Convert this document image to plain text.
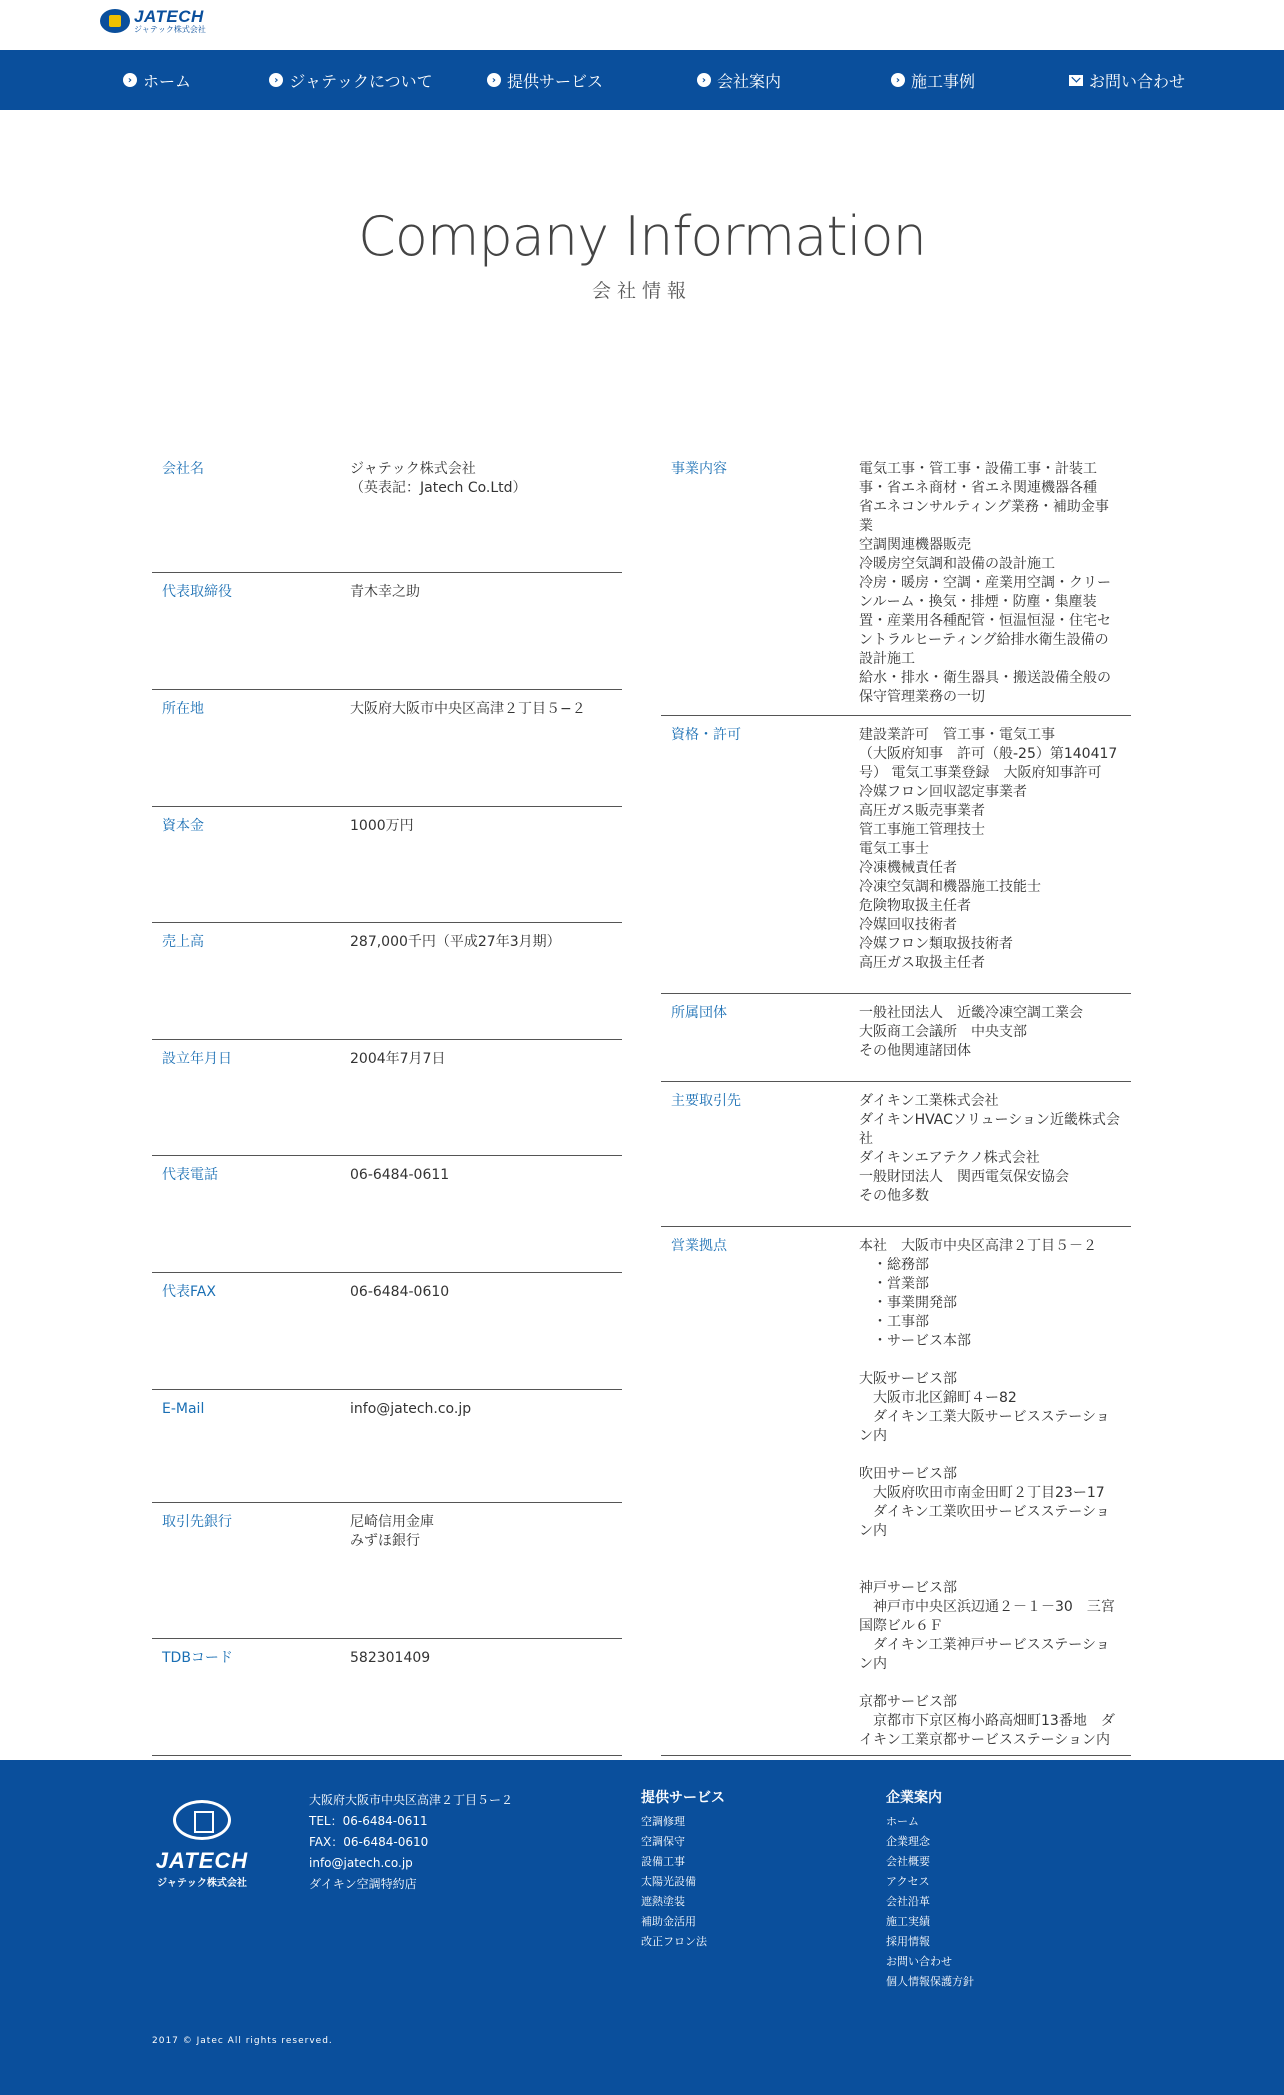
JATECH
ジャテック株式会社
› ホーム	› ジャテックについて	› 提供サービス	› 会社案内	› 施工事例	お問い合わせ
Company Information
会社情報
会社名	ジャテック株式会社
（英表記：Jatech Co.Ltd）
代表取締役	青木幸之助
所在地	大阪府大阪市中央区高津２丁目５−２
資本金	1000万円
売上高	287,000千円（平成27年3月期）
設立年月日	2004年7月7日
代表電話	06-6484-0611
代表FAX	06-6484-0610
E-Mail	info@jatech.co.jp
取引先銀行	尼崎信用金庫
みずほ銀行
TDBコード	582301409
事業内容	電気工事・管工事・設備工事・計装工
事・省エネ商材・省エネ関連機器各種
省エネコンサルティング業務・補助金事
業
空調関連機器販売
冷暖房空気調和設備の設計施工
冷房・暖房・空調・産業用空調・クリー
ンルーム・換気・排煙・防塵・集塵装
置・産業用各種配管・恒温恒湿・住宅セ
ントラルヒーティング給排水衛生設備の
設計施工
給水・排水・衛生器具・搬送設備全般の
保守管理業務の一切
資格・許可	建設業許可　管工事・電気工事
（大阪府知事　許可（般-25）第140417
号） 電気工事業登録　大阪府知事許可
冷媒フロン回収認定事業者
高圧ガス販売事業者
管工事施工管理技士
電気工事士
冷凍機械責任者
冷凍空気調和機器施工技能士
危険物取扱主任者
冷媒回収技術者
冷媒フロン類取扱技術者
高圧ガス取扱主任者
所属団体	一般社団法人　近畿冷凍空調工業会
大阪商工会議所　中央支部
その他関連諸団体
主要取引先	ダイキン工業株式会社
ダイキンHVACソリューション近畿株式会
社
ダイキンエアテクノ株式会社
一般財団法人　関西電気保安協会
その他多数
営業拠点	本社　大阪市中央区高津２丁目５－２
　・総務部
　・営業部
　・事業開発部
　・工事部
　・サービス本部

大阪サービス部
　大阪市北区錦町４ー82
　ダイキン工業大阪サービスステーショ
ン内

吹田サービス部
　大阪府吹田市南金田町２丁目23ー17
　ダイキン工業吹田サービスステーショ
ン内

神戸サービス部
　神戸市中央区浜辺通２－１－30　三宮
国際ビル６Ｆ
　ダイキン工業神戸サービスステーショ
ン内

京都サービス部
　京都市下京区梅小路高畑町13番地　ダ
イキン工業京都サービスステーション内
JATECH
ジャテック株式会社
大阪府大阪市中央区高津２丁目５ー２
TEL：06-6484-0611
FAX：06-6484-0610
info@jatech.co.jp
ダイキン空調特約店
提供サービス
空調修理
空調保守
設備工事
太陽光設備
遮熱塗装
補助金活用
改正フロン法
企業案内
ホーム
企業理念
会社概要
アクセス
会社沿革
施工実績
採用情報
お問い合わせ
個人情報保護方針
2017 © Jatec All rights reserved.
